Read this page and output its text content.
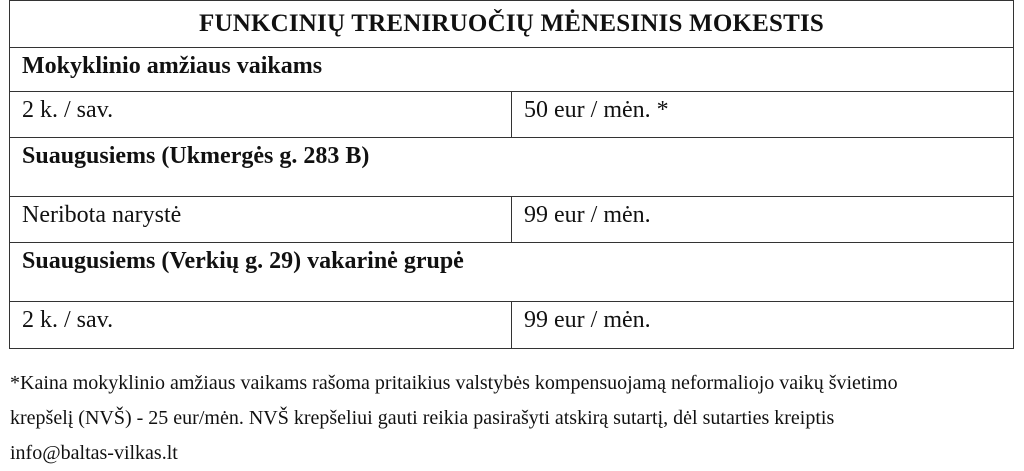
FUNKCINIŲ TRENIRUOČIŲ MĖNESINIS MOKESTIS
Mokyklinio amžiaus vaikams
2 k. / sav.	50 eur / mėn. *
Suaugusiems (Ukmergės g. 283 B)
Neribota narystė	99 eur / mėn.
Suaugusiems (Verkių g. 29) vakarinė grupė
2 k. / sav.	99 eur / mėn.
*Kaina mokyklinio amžiaus vaikams rašoma pritaikius valstybės kompensuojamą neformaliojo vaikų švietimo
krepšelį (NVŠ) - 25 eur/mėn. NVŠ krepšeliui gauti reikia pasirašyti atskirą sutartį, dėl sutarties kreiptis
info@baltas-vilkas.lt
